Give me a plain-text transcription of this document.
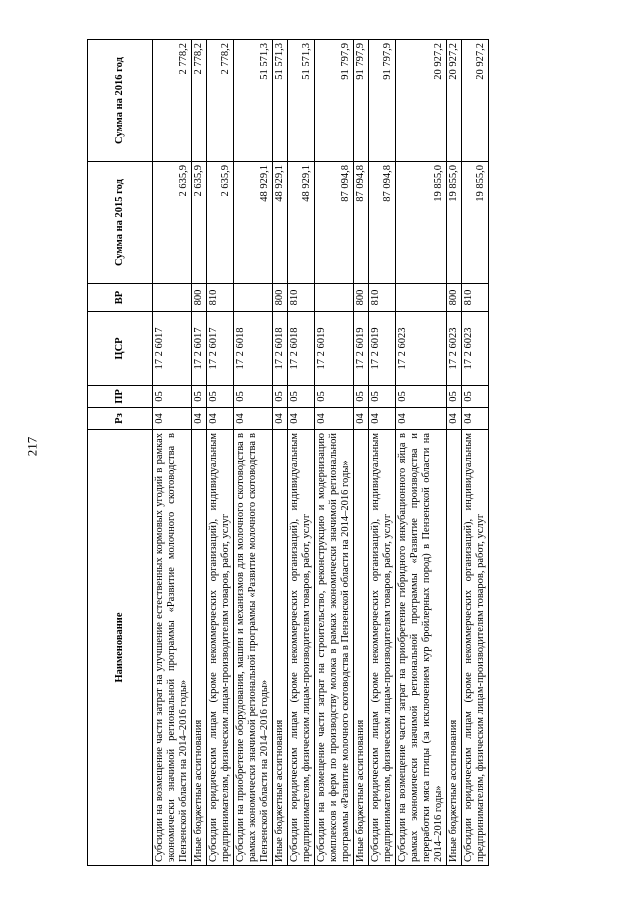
217
Наименование	Рз	ПР	ЦСР	ВР	Сумма на 2015 год	Сумма на 2016 год
Субсидии на возмещение части затрат на улучшение естественных кормовых угодий в рамках экономически значимой региональной программы «Развитие молочного скотоводства в Пензенской области на 2014–2016 годы»	04	05	17 2 6017		2 635,9	2 778,2
Иные бюджетные ассигнования	04	05	17 2 6017	800	2 635,9	2 778,2
Субсидии юридическим лицам (кроме некоммерческих организаций), индивидуальным предпринимателям, физическим лицам-производителям товаров, работ, услуг	04	05	17 2 6017	810	2 635,9	2 778,2
Субсидии на приобретение оборудования, машин и механизмов для молочного скотоводства в рамках экономически значимой региональной программы «Развитие молочного скотоводства в Пензенской области на 2014–2016 годы»	04	05	17 2 6018		48 929,1	51 571,3
Иные бюджетные ассигнования	04	05	17 2 6018	800	48 929,1	51 571,3
Субсидии юридическим лицам (кроме некоммерческих организаций), индивидуальным предпринимателям, физическим лицам-производителям товаров, работ, услуг	04	05	17 2 6018	810	48 929,1	51 571,3
Субсидии на возмещение части затрат на строительство, реконструкцию и модернизацию комплексов и ферм по производству молока в рамках экономически значимой региональной программы «Развитие молочного скотоводства в Пензенской области на 2014–2016 годы»	04	05	17 2 6019		87 094,8	91 797,9
Иные бюджетные ассигнования	04	05	17 2 6019	800	87 094,8	91 797,9
Субсидии юридическим лицам (кроме некоммерческих организаций), индивидуальным предпринимателям, физическим лицам-производителям товаров, работ, услуг	04	05	17 2 6019	810	87 094,8	91 797,9
Субсидии на возмещение части затрат на приобретение гибридного инкубационного яйца в рамках экономически значимой региональной программы «Развитие производства и переработки мяса птицы (за исключением кур бройлерных пород) в Пензенской области на 2014–2016 годы»	04	05	17 2 6023		19 855,0	20 927,2
Иные бюджетные ассигнования	04	05	17 2 6023	800	19 855,0	20 927,2
Субсидии юридическим лицам (кроме некоммерческих организаций), индивидуальным предпринимателям, физическим лицам-производителям товаров, работ, услуг	04	05	17 2 6023	810	19 855,0	20 927,2
